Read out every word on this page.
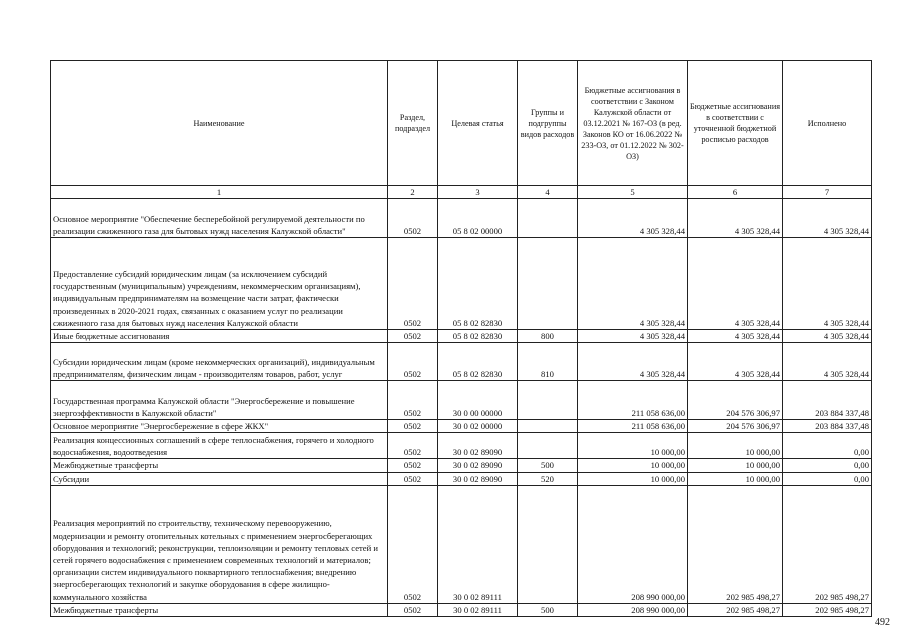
Наименование	Раздел, подраздел	Целевая статья	Группы и подгруппы видов расходов	Бюджетные ассигнования в соответствии с Законом Калужской области от 03.12.2021 № 167-ОЗ (в ред. Законов КО от 16.06.2022 № 233-ОЗ, от 01.12.2022 № 302-ОЗ)	Бюджетные ассигнования в соответствии с уточненной бюджетной росписью расходов	Исполнено
1	2	3	4	5	6	7
Основное мероприятие "Обеспечение бесперебойной регулируемой деятельности по реализации сжиженного газа для бытовых нужд населения Калужской области"	0502	05 8 02 00000		4 305 328,44	4 305 328,44	4 305 328,44
Предоставление субсидий юридическим лицам (за исключением субсидий государственным (муниципальным) учреждениям, некоммерческим организациям), индивидуальным предпринимателям на возмещение части затрат, фактически произведенных в 2020-2021 годах, связанных с оказанием услуг по реализации сжиженного газа для бытовых нужд населения Калужской области	0502	05 8 02 82830		4 305 328,44	4 305 328,44	4 305 328,44
Иные бюджетные ассигнования	0502	05 8 02 82830	800	4 305 328,44	4 305 328,44	4 305 328,44
Субсидии юридическим лицам (кроме некоммерческих организаций), индивидуальным предпринимателям, физическим лицам - производителям товаров, работ, услуг	0502	05 8 02 82830	810	4 305 328,44	4 305 328,44	4 305 328,44
Государственная программа Калужской области "Энергосбережение и повышение энергоэффективности в Калужской области"	0502	30 0 00 00000		211 058 636,00	204 576 306,97	203 884 337,48
Основное мероприятие "Энергосбережение в сфере ЖКХ"	0502	30 0 02 00000		211 058 636,00	204 576 306,97	203 884 337,48
Реализация концессионных соглашений в сфере теплоснабжения, горячего и холодного водоснабжения, водоотведения	0502	30 0 02 89090		10 000,00	10 000,00	0,00
Межбюджетные трансферты	0502	30 0 02 89090	500	10 000,00	10 000,00	0,00
Субсидии	0502	30 0 02 89090	520	10 000,00	10 000,00	0,00
Реализация мероприятий по строительству, техническому перевооружению, модернизации и ремонту отопительных котельных с применением энергосберегающих оборудования и технологий; реконструкции, теплоизоляции и ремонту тепловых сетей и сетей горячего водоснабжения с применением современных технологий и материалов; организации систем индивидуального поквартирного теплоснабжения; внедрению энергосберегающих технологий и закупке оборудования в сфере жилищно-коммунального хозяйства	0502	30 0 02 89111		208 990 000,00	202 985 498,27	202 985 498,27
Межбюджетные трансферты	0502	30 0 02 89111	500	208 990 000,00	202 985 498,27	202 985 498,27
492
